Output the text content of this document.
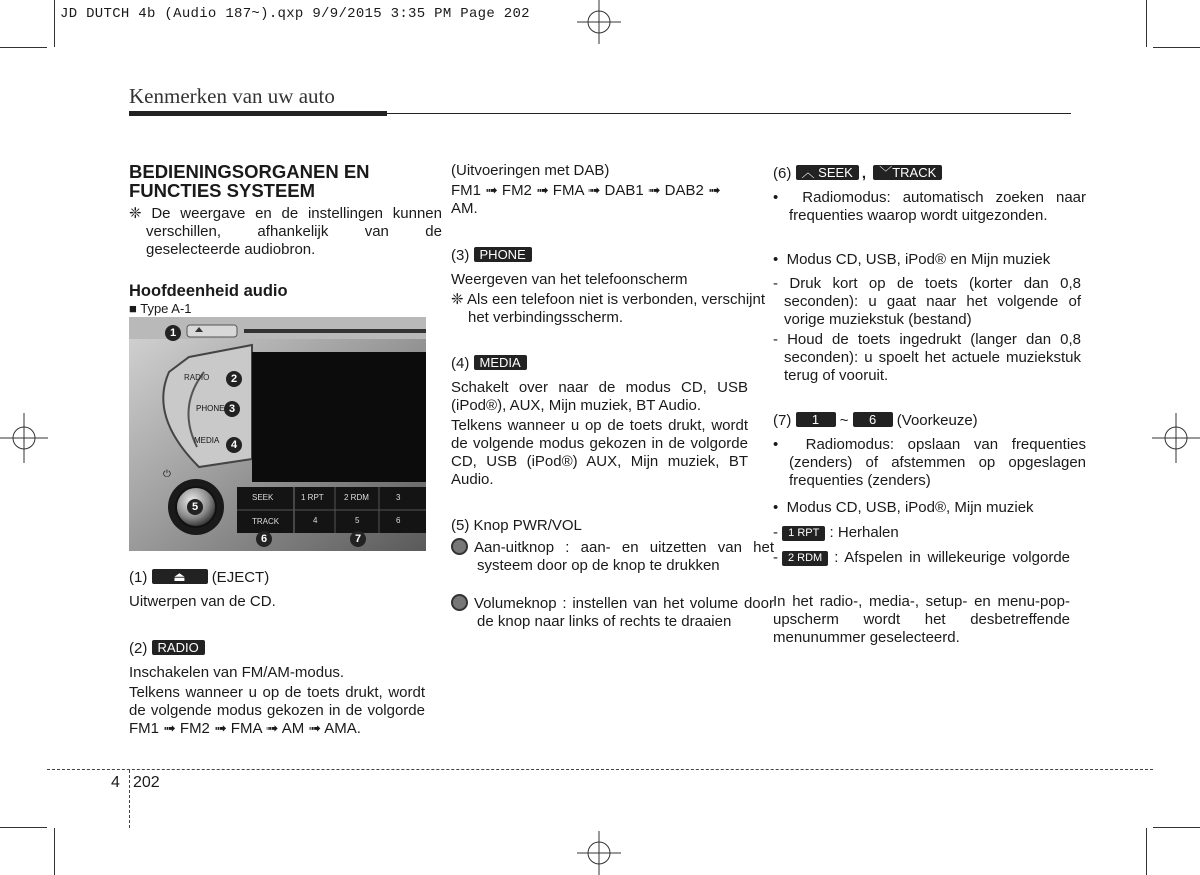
JD DUTCH 4b (Audio 187~).qxp 9/9/2015 3:35 PM Page 202
Kenmerken van uw auto
BEDIENINGSORGANEN EN FUNCTIES SYSTEEM
❈ De weergave en de instellingen kunnen verschillen, afhankelijk van de geselecteerde audiobron.
Hoofdeenheid audio
■ Type A-1
⏻
RADIO
PHONE
MEDIA
SEEK
TRACK
1 RPT	2 RDM	3
4	5	6
1
2
3
4
5
6	7
(1) ⏏ (EJECT)
Uitwerpen van de CD.
(2) RADIO
Inschakelen van FM/AM-modus.
Telkens wanneer u op de toets drukt, wordt de volgende modus gekozen in de volgorde FM1 ➟ FM2 ➟ FMA ➟ AM ➟ AMA.
(Uitvoeringen met DAB)
FM1 ➟ FM2 ➟ FMA ➟ DAB1 ➟ DAB2 ➟ AM.
(3) PHONE
Weergeven van het telefoonscherm
❈ Als een telefoon niet is verbonden, verschijnt het verbindingsscherm.
(4) MEDIA
Schakelt over naar de modus CD, USB (iPod®), AUX, Mijn muziek, BT Audio.
Telkens wanneer u op de toets drukt, wordt de volgende modus gekozen in de volgorde CD, USB (iPod®) AUX, Mijn muziek, BT Audio.
(5) Knop PWR/VOL
Aan-uitknop : aan- en uitzetten van het systeem door op de knop te drukken
Volumeknop : instellen van het volume door de knop naar links of rechts te draaien
(6) ︿ SEEK , ﹀TRACK
•  Radiomodus: automatisch zoeken naar frequenties waarop wordt uitgezonden.
•  Modus CD, USB, iPod® en Mijn muziek
- Druk kort op de toets (korter dan 0,8 seconden): u gaat naar het volgende of vorige muziekstuk (bestand)
- Houd de toets ingedrukt (langer dan 0,8 seconden): u spoelt het actuele muziekstuk terug of vooruit.
(7) 1 ~ 6 (Voorkeuze)
•  Radiomodus: opslaan van frequenties (zenders) of afstemmen op opgeslagen frequenties (zenders)
•  Modus CD, USB, iPod®, Mijn muziek
- 1 RPT : Herhalen
- 2 RDM : Afspelen in willekeurige volgorde
In het radio-, media-, setup- en menu-pop-upscherm wordt het desbetreffende menunummer geselecteerd.
4 202
